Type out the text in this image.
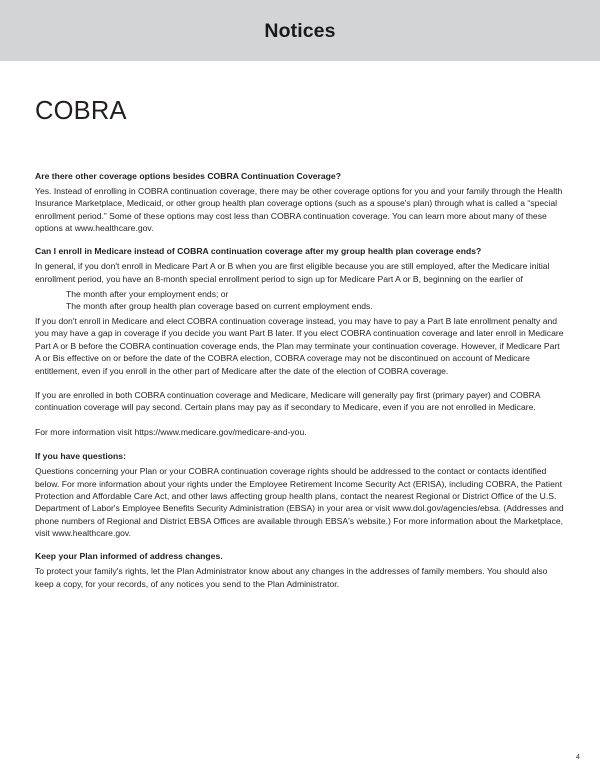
Notices
COBRA

Are there other coverage options besides COBRA Continuation Coverage?

Yes. Instead of enrolling in COBRA continuation coverage, there may be other coverage options for you and your family through the Health Insurance Marketplace, Medicaid, or other group health plan coverage options (such as a spouse's plan) through what is called a “special enrollment period.” Some of these options may cost less than COBRA continuation coverage. You can learn more about many of these options at www.healthcare.gov.

Can I enroll in Medicare instead of COBRA continuation coverage after my group health plan coverage ends?

In general, if you don't enroll in Medicare Part A or B when you are first eligible because you are still employed, after the Medicare initial enrollment period, you have an 8-month special enrollment period to sign up for Medicare Part A or B, beginning on the earlier of

The month after your employment ends; or
The month after group health plan coverage based on current employment ends.

If you don't enroll in Medicare and elect COBRA continuation coverage instead, you may have to pay a Part B late enrollment penalty and you may have a gap in coverage if you decide you want Part B later. If you elect COBRA continuation coverage and later enroll in Medicare Part A or B before the COBRA continuation coverage ends, the Plan may terminate your continuation coverage. However, if Medicare Part A or Bis effective on or before the date of the COBRA election, COBRA coverage may not be discontinued on account of Medicare entitlement, even if you enroll in the other part of Medicare after the date of the election of COBRA coverage.

If you are enrolled in both COBRA continuation coverage and Medicare, Medicare will generally pay first (primary payer) and COBRA continuation coverage will pay second. Certain plans may pay as if secondary to Medicare, even if you are not enrolled in Medicare.

For more information visit https://www.medicare.gov/medicare-and-you.

If you have questions:

Questions concerning your Plan or your COBRA continuation coverage rights should be addressed to the contact or contacts identified below. For more information about your rights under the Employee Retirement Income Security Act (ERISA), including COBRA, the Patient Protection and Affordable Care Act, and other laws affecting group health plans, contact the nearest Regional or District Office of the U.S. Department of Labor's Employee Benefits Security Administration (EBSA) in your area or visit www.dol.gov/agencies/ebsa. (Addresses and phone numbers of Regional and District EBSA Offices are available through EBSA's website.) For more information about the Marketplace, visit www.healthcare.gov.

Keep your Plan informed of address changes.

To protect your family's rights, let the Plan Administrator know about any changes in the addresses of family members. You should also keep a copy, for your records, of any notices you send to the Plan Administrator.

4
